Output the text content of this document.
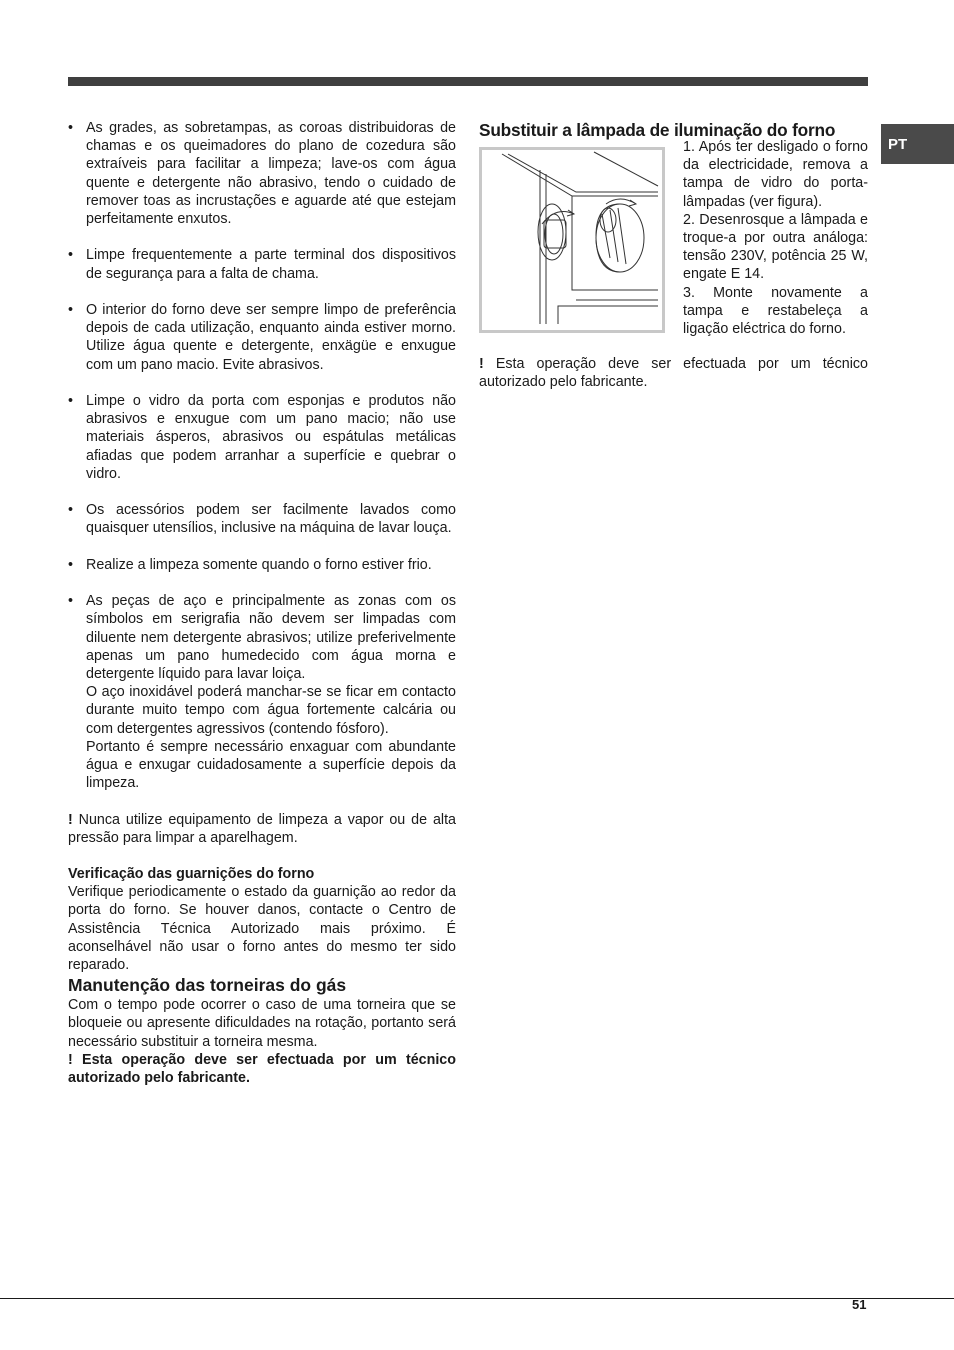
PT

• As grades, as sobretampas, as coroas distribuidoras de chamas e os queimadores do plano de cozedura são extraíveis para facilitar a limpeza; lave-os com água quente e detergente não abrasivo, tendo o cuidado de remover toas as incrustações e aguarde até que estejam perfeitamente enxutos.

• Limpe frequentemente a parte terminal dos dispositivos de segurança para a falta de chama.

• O interior do forno deve ser sempre limpo de preferência depois de cada utilização, enquanto ainda estiver morno. Utilize água quente e detergente, enxägüe e enxugue com um pano macio. Evite abrasivos.

• Limpe o vidro da porta com esponjas e produtos não abrasivos e enxugue com um pano macio; não use materiais ásperos, abrasivos ou espátulas metálicas afiadas que podem arranhar a superfície e quebrar o vidro.

• Os acessórios podem ser facilmente lavados como quaisquer utensílios, inclusive na máquina de lavar louça.

• Realize a limpeza somente quando o forno estiver frio.

• As peças de aço e principalmente as zonas com os símbolos em serigrafia não devem ser limpadas com diluente nem detergente abrasivos; utilize preferivelmente apenas um pano humedecido com água morna e detergente líquido para lavar loiça.

O aço inoxidável poderá manchar-se se ficar em contacto durante muito tempo com água fortemente calcária ou com detergentes agressivos (contendo fósforo).

Portanto é sempre necessário enxaguar com abundante água e enxugar cuidadosamente a superfície depois da limpeza.

! Nunca utilize equipamento de limpeza a vapor ou de alta pressão para limpar a aparelhagem.

Verificação das guarnições do forno

Verifique periodicamente o estado da guarnição ao redor da porta do forno. Se houver danos, contacte o Centro de Assistência Técnica Autorizado mais próximo. É aconselhável não usar o forno antes do mesmo ter sido reparado.

Manutenção das torneiras do gás

Com o tempo pode ocorrer o caso de uma torneira que se bloqueie ou apresente dificuldades na rotação, portanto será necessário substituir a torneira mesma.

! Esta operação deve ser efectuada por um técnico autorizado pelo fabricante.

Substituir a lâmpada de iluminação do forno

1. Após ter desligado o forno da electricidade, remova a tampa de vidro do porta-lâmpadas (ver figura).

2. Desenrosque a lâmpada e troque-a por outra análoga: tensão 230V, potência 25 W, engate E 14.

3. Monte novamente a tampa e restabeleça a ligação eléctrica do forno.

! Esta operação deve ser efectuada por um técnico autorizado pelo fabricante.

51
